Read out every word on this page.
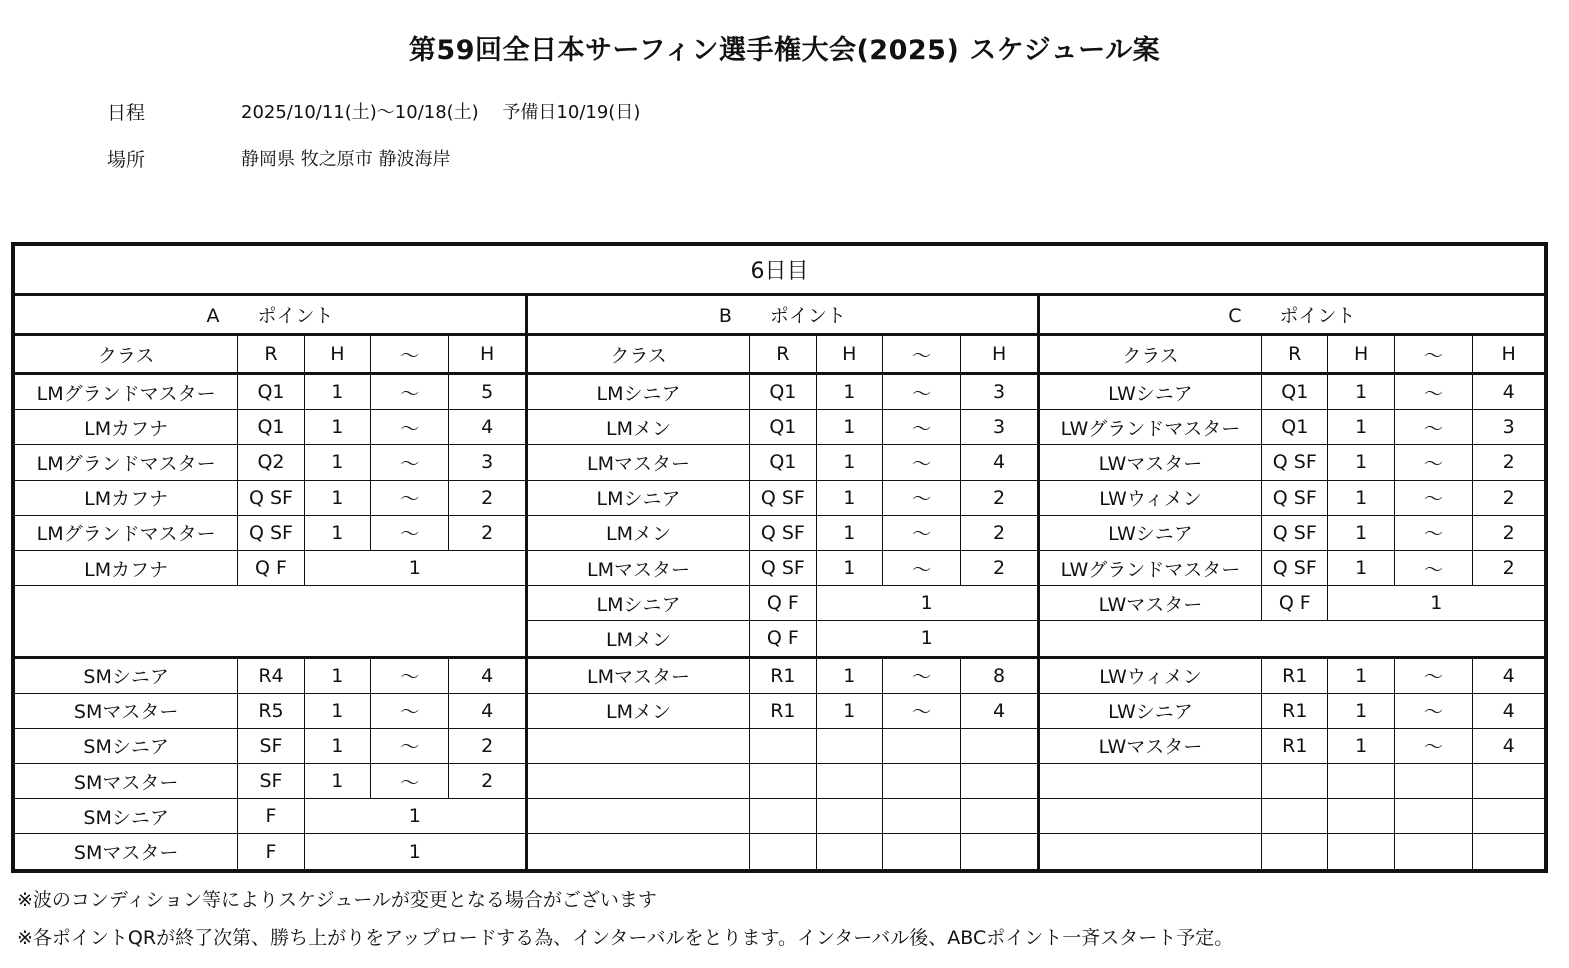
第59回全日本サーフィン選手権大会(2025) スケジュール案
日程	2025/10/11(土)～10/18(土)　 予備日10/19(日)
場所	静岡県 牧之原市 静波海岸
6日目														
A　　ポイント					B　　ポイント					C　　ポイント				
クラス	R	H	～	H	クラス	R	H	～	H	クラス	R	H	～	H
LMグランドマスター	Q1	1	～	5	LMシニア	Q1	1	～	3	LWシニア	Q1	1	～	4
LMカフナ	Q1	1	～	4	LMメン	Q1	1	～	3	LWグランドマスター	Q1	1	～	3
LMグランドマスター	Q2	1	～	3	LMマスター	Q1	1	～	4	LWマスター	Q SF	1	～	2
LMカフナ	Q SF	1	～	2	LMシニア	Q SF	1	～	2	LWウィメン	Q SF	1	～	2
LMグランドマスター	Q SF	1	～	2	LMメン	Q SF	1	～	2	LWシニア	Q SF	1	～	2
LMカフナ	Q F	1			LMマスター	Q SF	1	～	2	LWグランドマスター	Q SF	1	～	2
					LMシニア	Q F	1			LWマスター	Q F	1		
					LMメン	Q F	1							
SMシニア	R4	1	～	4	LMマスター	R1	1	～	8	LWウィメン	R1	1	～	4
SMマスター	R5	1	～	4	LMメン	R1	1	～	4	LWシニア	R1	1	～	4
SMシニア	SF	1	～	2						LWマスター	R1	1	～	4
SMマスター	SF	1	～	2										
SMシニア	F	1												
SMマスター	F	1												
※波のコンディション等によりスケジュールが変更となる場合がございます
※各ポイントQRが終了次第、勝ち上がりをアップロードする為、インターバルをとります。インターバル後、ABCポイント一斉スタート予定。
